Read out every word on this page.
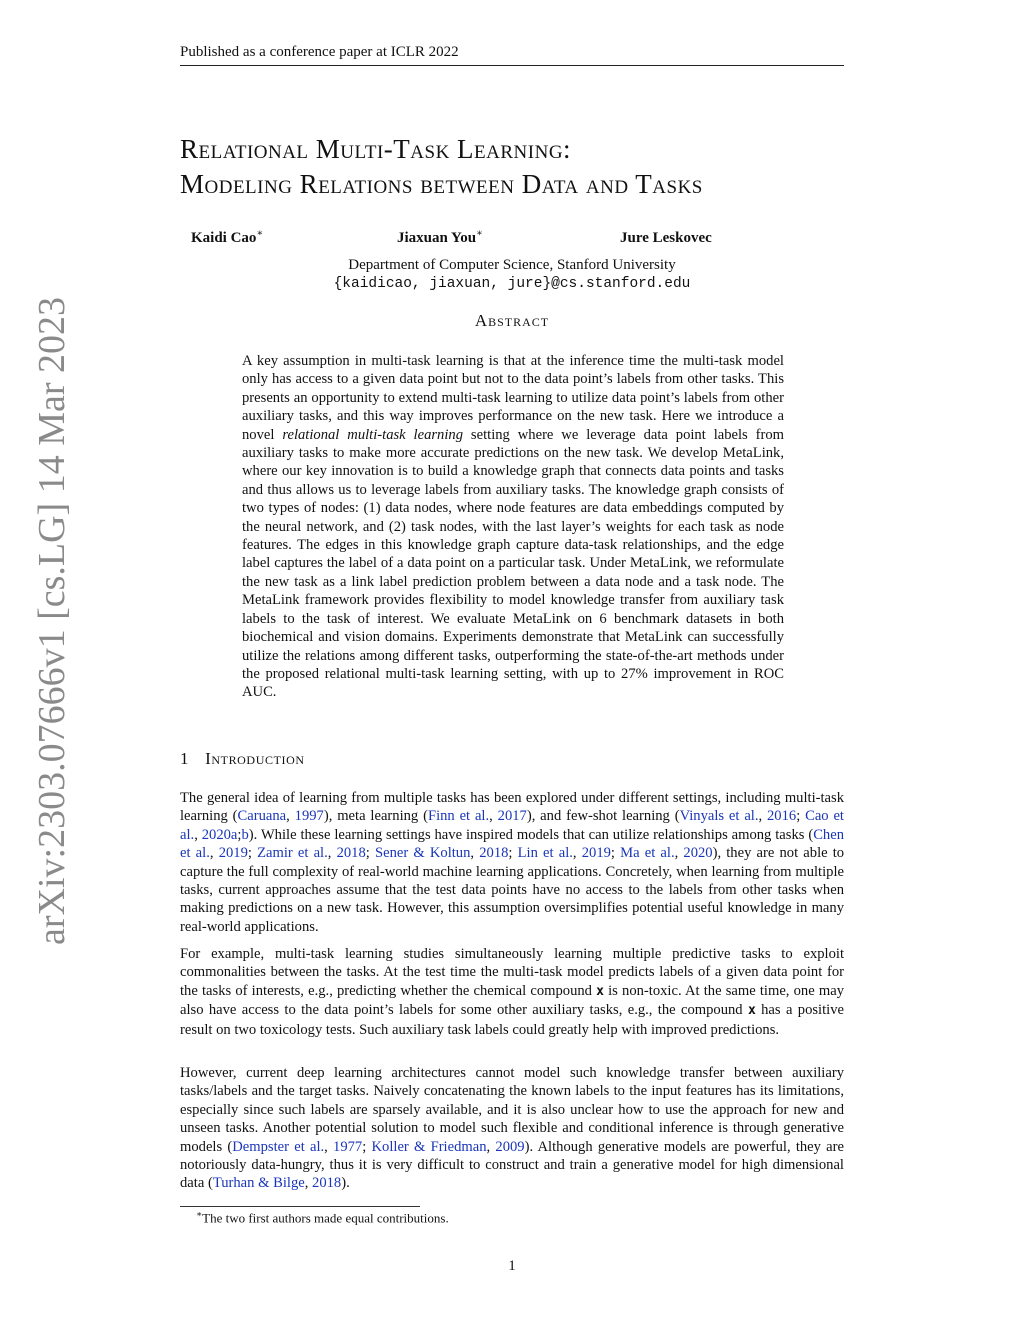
Published as a conference paper at ICLR 2022
Relational Multi-Task Learning:
Modeling Relations between Data and Tasks
Kaidi Cao∗	Jiaxuan You∗	Jure Leskovec
Department of Computer Science, Stanford University
{kaidicao, jiaxuan, jure}@cs.stanford.edu
Abstract

A key assumption in multi-task learning is that at the inference time the multi-task model only has access to a given data point but not to the data point’s labels from other tasks. This presents an opportunity to extend multi-task learning to utilize data point’s labels from other auxiliary tasks, and this way improves performance on the new task. Here we introduce a novel relational multi-task learning setting where we leverage data point labels from auxiliary tasks to make more accurate predictions on the new task. We develop MetaLink, where our key innovation is to build a knowledge graph that connects data points and tasks and thus allows us to leverage labels from auxiliary tasks. The knowledge graph consists of two types of nodes: (1) data nodes, where node features are data embeddings computed by the neural network, and (2) task nodes, with the last layer’s weights for each task as node features. The edges in this knowledge graph capture data-task relationships, and the edge label captures the label of a data point on a particular task. Under MetaLink, we reformulate the new task as a link label prediction problem between a data node and a task node. The MetaLink framework provides flexibility to model knowledge transfer from auxiliary task labels to the task of interest. We evaluate MetaLink on 6 benchmark datasets in both biochemical and vision domains. Experiments demonstrate that MetaLink can successfully utilize the relations among different tasks, outperforming the state-of-the-art methods under the proposed relational multi-task learning setting, with up to 27% improvement in ROC AUC.

1 Introduction

The general idea of learning from multiple tasks has been explored under different settings, including multi-task learning (Caruana, 1997), meta learning (Finn et al., 2017), and few-shot learning (Vinyals et al., 2016; Cao et al., 2020a;b). While these learning settings have inspired models that can utilize relationships among tasks (Chen et al., 2019; Zamir et al., 2018; Sener & Koltun, 2018; Lin et al., 2019; Ma et al., 2020), they are not able to capture the full complexity of real-world machine learning applications. Concretely, when learning from multiple tasks, current approaches assume that the test data points have no access to the labels from other tasks when making predictions on a new task. However, this assumption oversimplifies potential useful knowledge in many real-world applications.

For example, multi-task learning studies simultaneously learning multiple predictive tasks to exploit commonalities between the tasks. At the test time the multi-task model predicts labels of a given data point for the tasks of interests, e.g., predicting whether the chemical compound x is non-toxic. At the same time, one may also have access to the data point’s labels for some other auxiliary tasks, e.g., the compound x has a positive result on two toxicology tests. Such auxiliary task labels could greatly help with improved predictions.

However, current deep learning architectures cannot model such knowledge transfer between auxiliary tasks/labels and the target tasks. Naively concatenating the known labels to the input features has its limitations, especially since such labels are sparsely available, and it is also unclear how to use the approach for new and unseen tasks. Another potential solution to model such flexible and conditional inference is through generative models (Dempster et al., 1977; Koller & Friedman, 2009). Although generative models are powerful, they are notoriously data-hungry, thus it is very difficult to construct and train a generative model for high dimensional data (Turhan & Bilge, 2018).

∗The two first authors made equal contributions.
1
arXiv:2303.07666v1 [cs.LG] 14 Mar 2023
